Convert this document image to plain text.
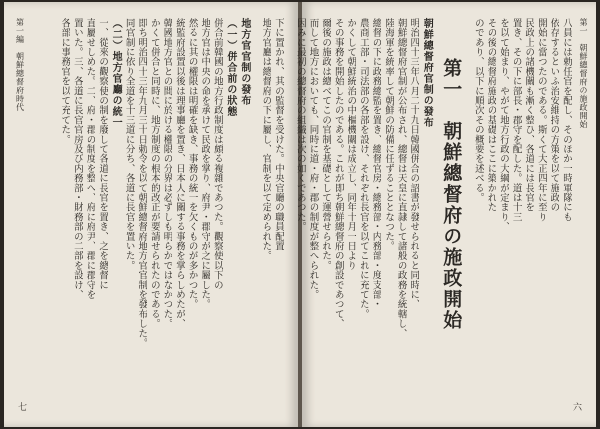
七
下に置かれ、其の監督を受けた。中央官廳の職員配置
地方官廳は總督府の下に屬し、官制を以て定められた。
地方官官制の發布
（一）併合前の狀態
併合前韓國の地方行政制度は頗る複雜であつた。觀察使以下の
地方官は中央の命を承けて民政を掌り、府尹・郡守が之に屬した。
然るに其の權限は明確を缺き、事務の統一を欠くものが多かつた。
統監府設置以後は理事廳を置き、日本人に關する事務を掌らしめたが、
韓國地方官との間に於ける權限の分界は必ずしも明らかではなかつた。
かくて併合と同時に、地方制度の根本的改正が要請せられたのである。
即ち明治四十三年九月三十日勅令を以て朝鮮總督府地方官官制を發布した。
同官制に依り全道を十三道に分ち、各道に長官を置いた。
（二）地方官廳の統一
一、從來の觀察使の制を廢して各道に長官を置き、之を總督に
直屬せしめた。二、府・郡の制度を整へ、府に府尹、郡に郡守を
置いた。三、各道に長官官房及び内務部・財務部の二部を設け、
各部に事務官を以て充てた。
第一編　朝鮮總督府時代	第一　朝鮮總督府の施政開始
六
八員には勅任官を配し、そのほか一時軍隊にも
依存するといふ治安維持の方策を以て施政の
開始に當つたのである。斯くて大正四年に至り
民政上の諸機關も漸く整ひ、各道には長官を
置き、その下に部長・郡守を配した。道は十三
を以て始まり、やがて地方行政の大綱が定まり、
その後の總督府施政の基礎はここに築かれた
のであり、以下に順次その概要を述べる。
第一　朝鮮總督府の施政開始
朝鮮總督府官制の發布
明治四十三年八月二十九日韓國併合の詔書が發せられると同時に、
朝鮮總督府官制が公布され、總督は天皇に直隷して諸般の政務を統轄し、
陸海軍を統率して朝鮮の防備に任ずることとなつた。
總督の下に政務總監を置き、總督官房・總務部・内務部・度支部・
農商工部・司法部の各部を設け、それぞれ長官を以てこれに充てた。
かくして朝鮮統治の中樞機關は成立し、同年十月一日より
その事務を開始したのである。これが即ち朝鮮總督府の創設であつて、
爾後の施政は總べてこの官制を基礎として運營せられた。
而して地方においても、同時に道・府・郡の制度が整へられた。
因みに最初の總督府の組織は次の如くであつた。
